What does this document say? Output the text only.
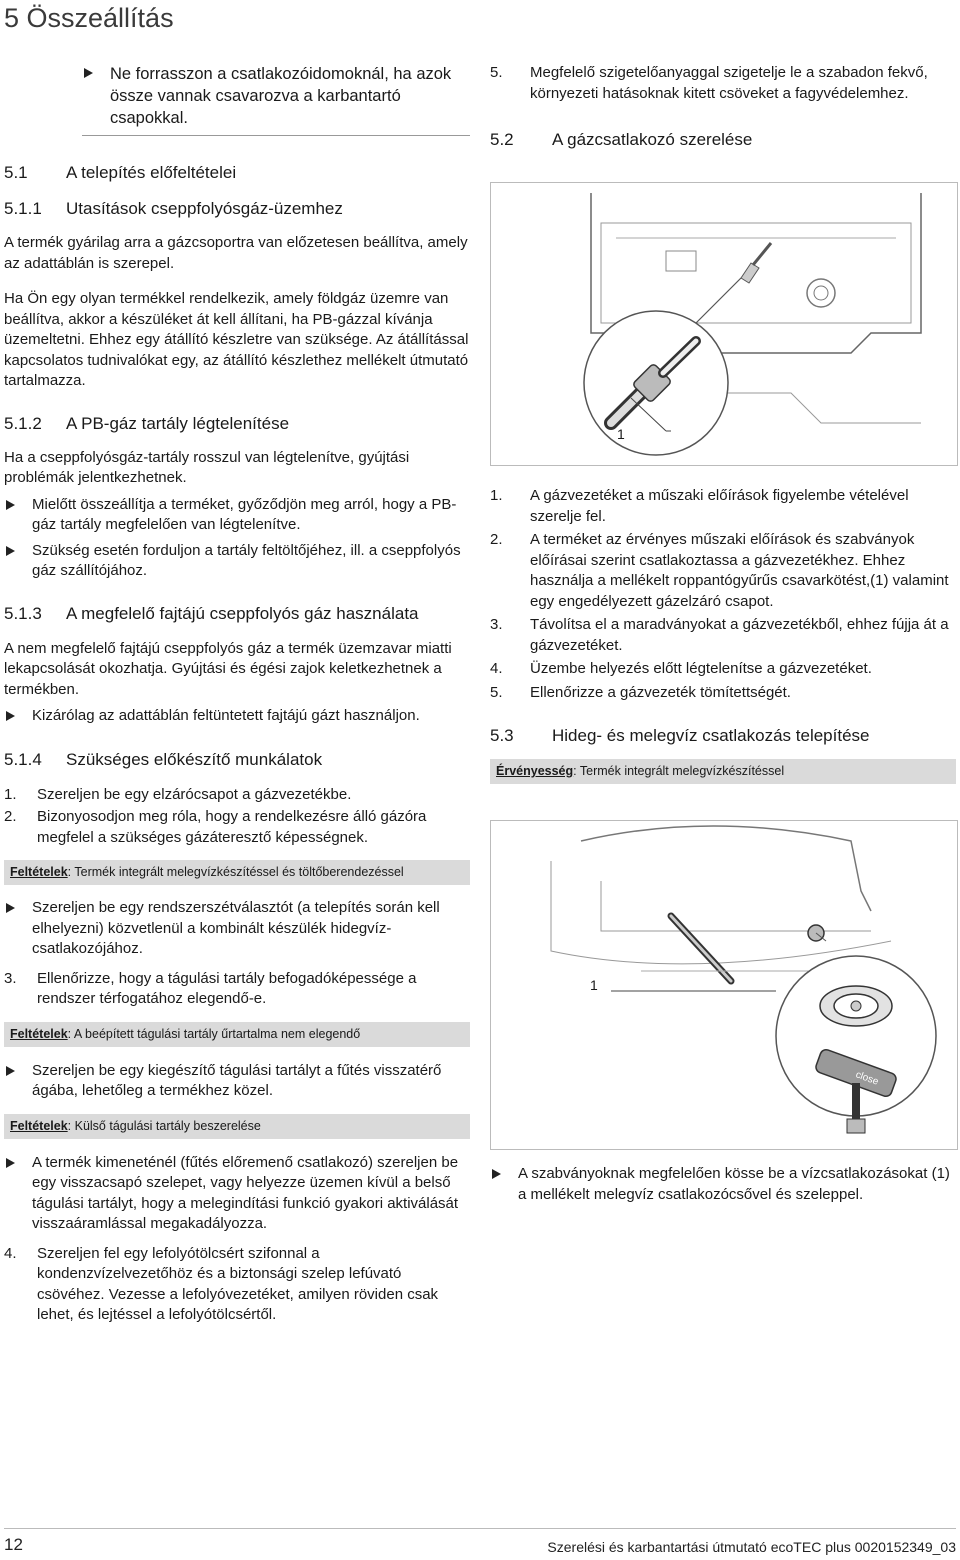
5 Összeállítás
Ne forrasszon a csatlakozóidomoknál, ha azok össze vannak csavarozva a karbantartó csapokkal.
5.1 A telepítés előfeltételei
5.1.1 Utasítások cseppfolyósgáz-üzemhez

A termék gyárilag arra a gázcsoportra van előzetesen beállítva, amely az adattáblán is szerepel.

Ha Ön egy olyan termékkel rendelkezik, amely földgáz üzemre van beállítva, akkor a készüléket át kell állítani, ha PB-gázzal kívánja üzemeltetni. Ehhez egy átállító készletre van szüksége. Az átállítással kapcsolatos tudnivalókat egy, az átállító készlethez mellékelt útmutató tartalmazza.

5.1.2 A PB-gáz tartály légtelenítése

Ha a cseppfolyósgáz-tartály rosszul van légtelenítve, gyújtási problémák jelentkezhetnek.

Mielőtt összeállítja a terméket, győződjön meg arról, hogy a PB-gáz tartály megfelelően van légtelenítve.
Szükség esetén forduljon a tartály feltöltőjéhez, ill. a cseppfolyós gáz szállítójához.
5.1.3 A megfelelő fajtájú cseppfolyós gáz használata

A nem megfelelő fajtájú cseppfolyós gáz a termék üzemzavar miatti lekapcsolását okozhatja. Gyújtási és égési zajok keletkezhetnek a termékben.

Kizárólag az adattáblán feltüntetett fajtájú gázt használjon.
5.1.4 Szükséges előkészítő munkálatok
1. Szereljen be egy elzárócsapot a gázvezetékbe.
2. Bizonyosodjon meg róla, hogy a rendelkezésre álló gázóra megfelel a szükséges gázáteresztő képességnek.
Feltételek: Termék integrált melegvízkészítéssel és töltőberendezéssel
Szereljen be egy rendszerszétválasztót (a telepítés során kell elhelyezni) közvetlenül a kombinált készülék hidegvíz-csatlakozójához.
3. Ellenőrizze, hogy a tágulási tartály befogadóképessége a rendszer térfogatához elegendő-e.
Feltételek: A beépített tágulási tartály űrtartalma nem elegendő
Szereljen be egy kiegészítő tágulási tartályt a fűtés visszatérő ágába, lehetőleg a termékhez közel.
Feltételek: Külső tágulási tartály beszerelése
A termék kimeneténél (fűtés előremenő csatlakozó) szereljen be egy visszacsapó szelepet, vagy helyezze üzemen kívül a belső tágulási tartályt, hogy a melegindítási funkció gyakori aktiválását visszaáramlással megakadályozza.
4. Szereljen fel egy lefolyótölcsért szifonnal a kondenzvízelvezetőhöz és a biztonsági szelep lefúvató csövéhez. Vezesse a lefolyóvezetéket, amilyen röviden csak lehet, és lejtéssel a lefolyótölcsértől.
5. Megfelelő szigetelőanyaggal szigetelje le a szabadon fekvő, környezeti hatásoknak kitett csöveket a fagyvédelemhez.
5.2 A gázcsatlakozó szerelése
1
1. A gázvezetéket a műszaki előírások figyelembe vételével szerelje fel.
2. A terméket az érvényes műszaki előírások és szabványok előírásai szerint csatlakoztassa a gázvezetékhez. Ehhez használja a mellékelt roppantógyűrűs csavarkötést,(1) valamint egy engedélyezett gázelzáró csapot.
3. Távolítsa el a maradványokat a gázvezetékből, ehhez fújja át a gázvezetéket.
4. Üzembe helyezés előtt légtelenítse a gázvezetéket.
5. Ellenőrizze a gázvezeték tömítettségét.
5.3 Hideg- és melegvíz csatlakozás telepítése
Érvényesség: Termék integrált melegvízkészítéssel
1
close
A szabványoknak megfelelően kösse be a vízcsatlakozásokat (1) a mellékelt melegvíz csatlakozócsővel és szeleppel.
12	Szerelési és karbantartási útmutató ecoTEC plus 0020152349_03
